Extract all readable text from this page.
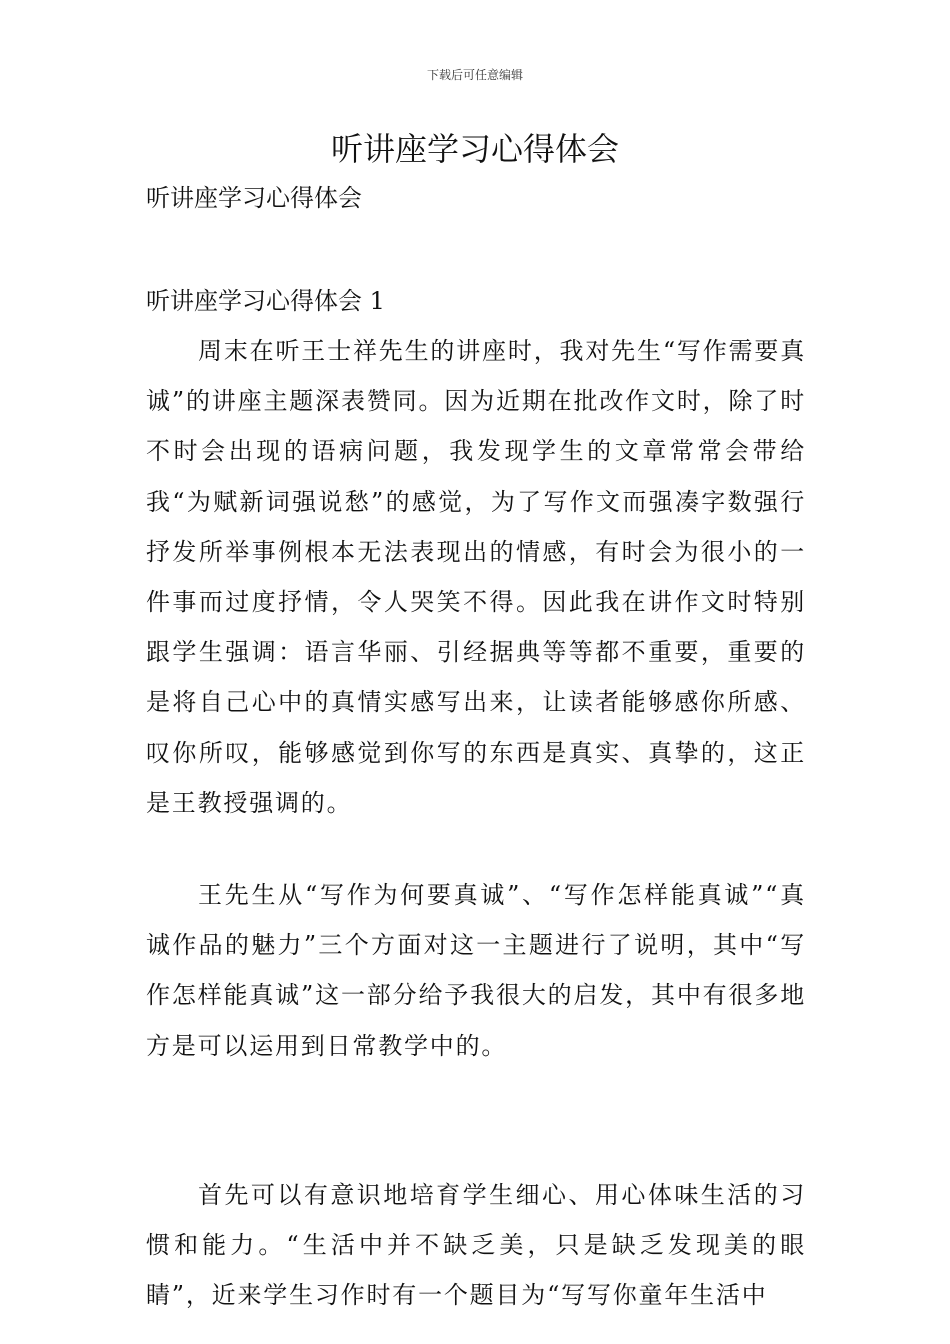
下载后可任意编辑
听讲座学习心得体会
听讲座学习心得体会
听讲座学习心得体会 1

周末在听王士祥先生的讲座时，我对先生“写作需要真诚”的讲座主题深表赞同。因为近期在批改作文时，除了时不时会出现的语病问题，我发现学生的文章常常会带给我“为赋新词强说愁”的感觉，为了写作文而强凑字数强行抒发所举事例根本无法表现出的情感，有时会为很小的一件事而过度抒情，令人哭笑不得。因此我在讲作文时特别跟学生强调：语言华丽、引经据典等等都不重要，重要的是将自己心中的真情实感写出来，让读者能够感你所感、叹你所叹，能够感觉到你写的东西是真实、真挚的，这正是王教授强调的。

王先生从“写作为何要真诚”、“写作怎样能真诚”“真诚作品的魅力”三个方面对这一主题进行了说明，其中“写作怎样能真诚”这一部分给予我很大的启发，其中有很多地方是可以运用到日常教学中的。

首先可以有意识地培育学生细心、用心体味生活的习惯和能力。“生活中并不缺乏美，只是缺乏发现美的眼睛”，近来学生习作时有一个题目为“写写你童年生活中
